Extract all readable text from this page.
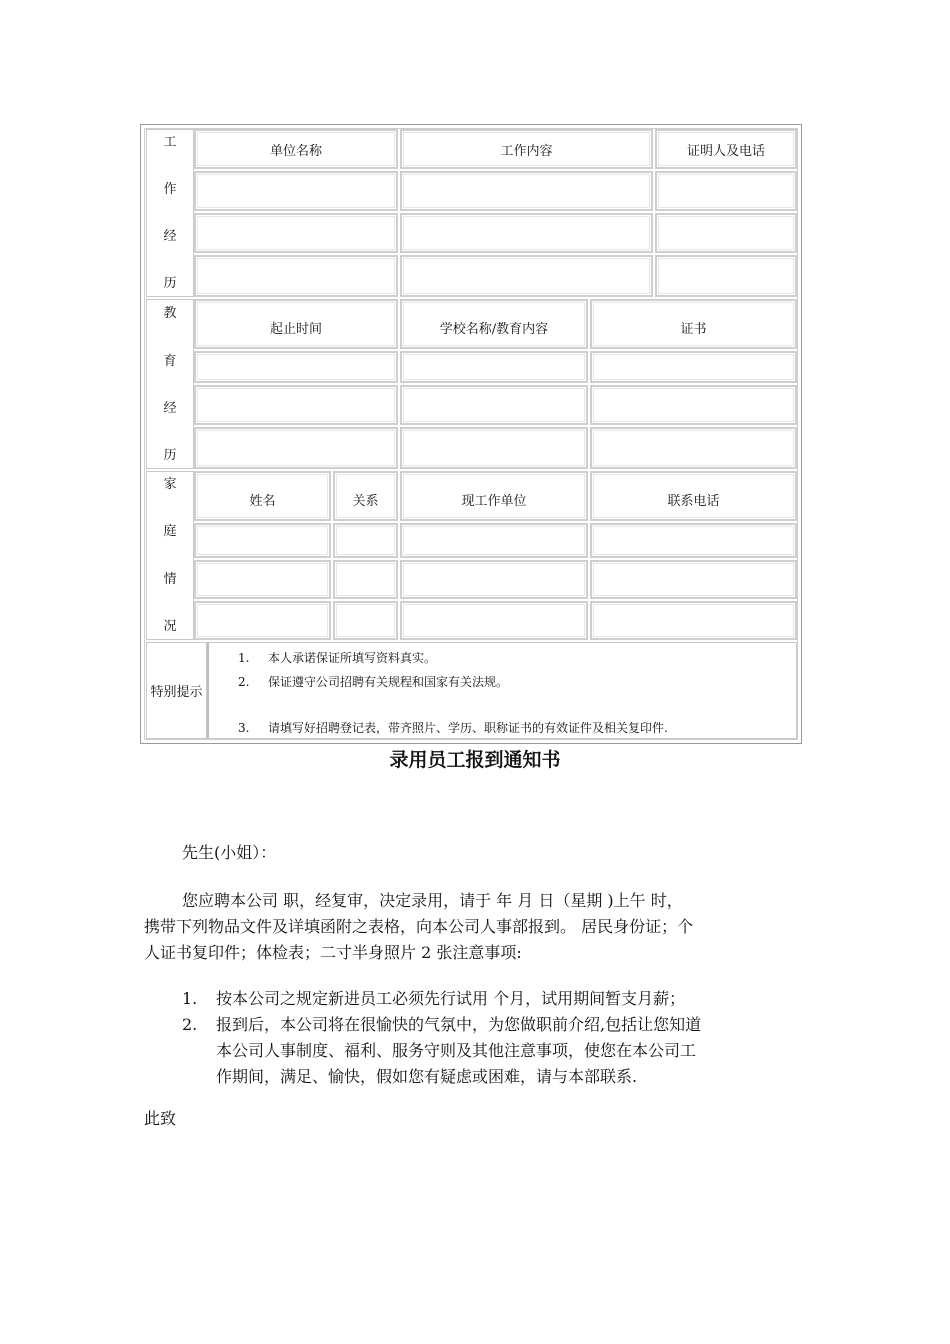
工
作
经
历
单位名称	工作内容	证明人及电话
教
育
经
历
起止时间	学校名称/教育内容	证书
家
庭
情
况
姓名	关系	现工作单位	联系电话
特别提示
1. 本人承诺保证所填写资料真实。
2. 保证遵守公司招聘有关规程和国家有关法规。
3. 请填写好招聘登记表，带齐照片、学历、职称证书的有效证件及相关复印件.
录用员工报到通知书
先生(小姐）：
您应聘本公司 职，经复审，决定录用，请于 年 月 日（星期 )上午 时，
携带下列物品文件及详填函附之表格，向本公司人事部报到。 居民身份证；个
人证书复印件；体检表；二寸半身照片 2 张注意事项:
1.	按本公司之规定新进员工必须先行试用 个月，试用期间暂支月薪；
2.	报到后，本公司将在很愉快的气氛中，为您做职前介绍,包括让您知道
本公司人事制度、福利、服务守则及其他注意事项，使您在本公司工
作期间，满足、愉快，假如您有疑虑或困难，请与本部联系.
此致
